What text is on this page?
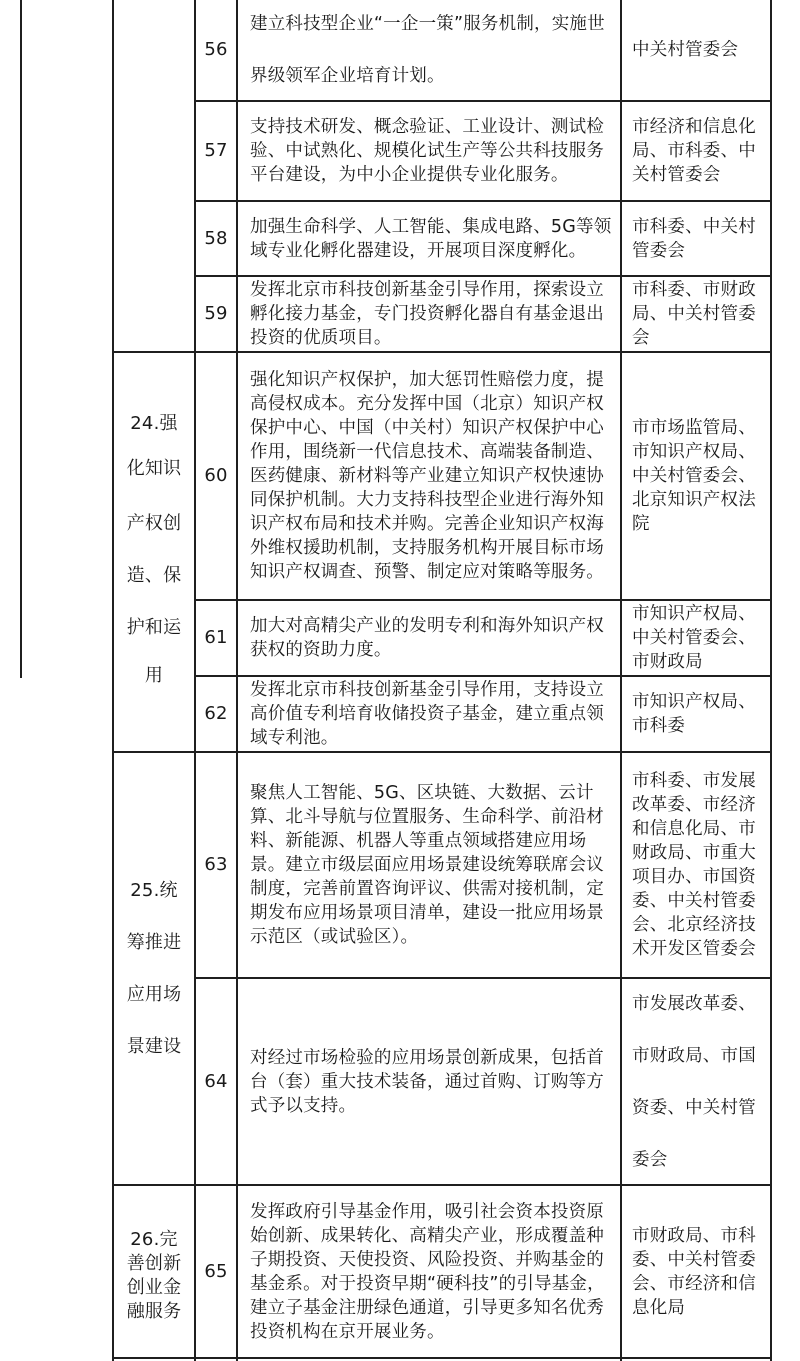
24.强
化知识
产权创
造、保
护和运
用
25.统
筹推进
应用场
景建设
26.完
善创新
创业金
融服务
56

建立科技型企业“一企一策”服务机制，实施世界级领军企业培育计划。

中关村管委会

57

支持技术研发、概念验证、工业设计、测试检验、中试熟化、规模化试生产等公共科技服务平台建设，为中小企业提供专业化服务。

市经济和信息化局、市科委、中关村管委会

58

加强生命科学、人工智能、集成电路、5G等领域专业化孵化器建设，开展项目深度孵化。

市科委、中关村管委会

59

发挥北京市科技创新基金引导作用，探索设立孵化接力基金，专门投资孵化器自有基金退出投资的优质项目。

市科委、市财政局、中关村管委会

60

强化知识产权保护，加大惩罚性赔偿力度，提高侵权成本。充分发挥中国（北京）知识产权保护中心、中国（中关村）知识产权保护中心作用，围绕新一代信息技术、高端装备制造、医药健康、新材料等产业建立知识产权快速协同保护机制。大力支持科技型企业进行海外知识产权布局和技术并购。完善企业知识产权海外维权援助机制，支持服务机构开展目标市场知识产权调查、预警、制定应对策略等服务。

市市场监管局、市知识产权局、中关村管委会、北京知识产权法院

61

加大对高精尖产业的发明专利和海外知识产权获权的资助力度。

市知识产权局、中关村管委会、市财政局

62

发挥北京市科技创新基金引导作用，支持设立高价值专利培育收储投资子基金，建立重点领域专利池。

市知识产权局、市科委

63

聚焦人工智能、5G、区块链、大数据、云计算、北斗导航与位置服务、生命科学、前沿材料、新能源、机器人等重点领域搭建应用场景。建立市级层面应用场景建设统筹联席会议制度，完善前置咨询评议、供需对接机制，定期发布应用场景项目清单，建设一批应用场景示范区（或试验区）。

市科委、市发展改革委、市经济和信息化局、市财政局、市重大项目办、市国资委、中关村管委会、北京经济技术开发区管委会

64

对经过市场检验的应用场景创新成果，包括首台（套）重大技术装备，通过首购、订购等方式予以支持。

市发展改革委、市财政局、市国资委、中关村管委会

65

发挥政府引导基金作用，吸引社会资本投资原始创新、成果转化、高精尖产业，形成覆盖种子期投资、天使投资、风险投资、并购基金的基金系。对于投资早期“硬科技”的引导基金，建立子基金注册绿色通道，引导更多知名优秀投资机构在京开展业务。

市财政局、市科委、中关村管委会、市经济和信息化局
